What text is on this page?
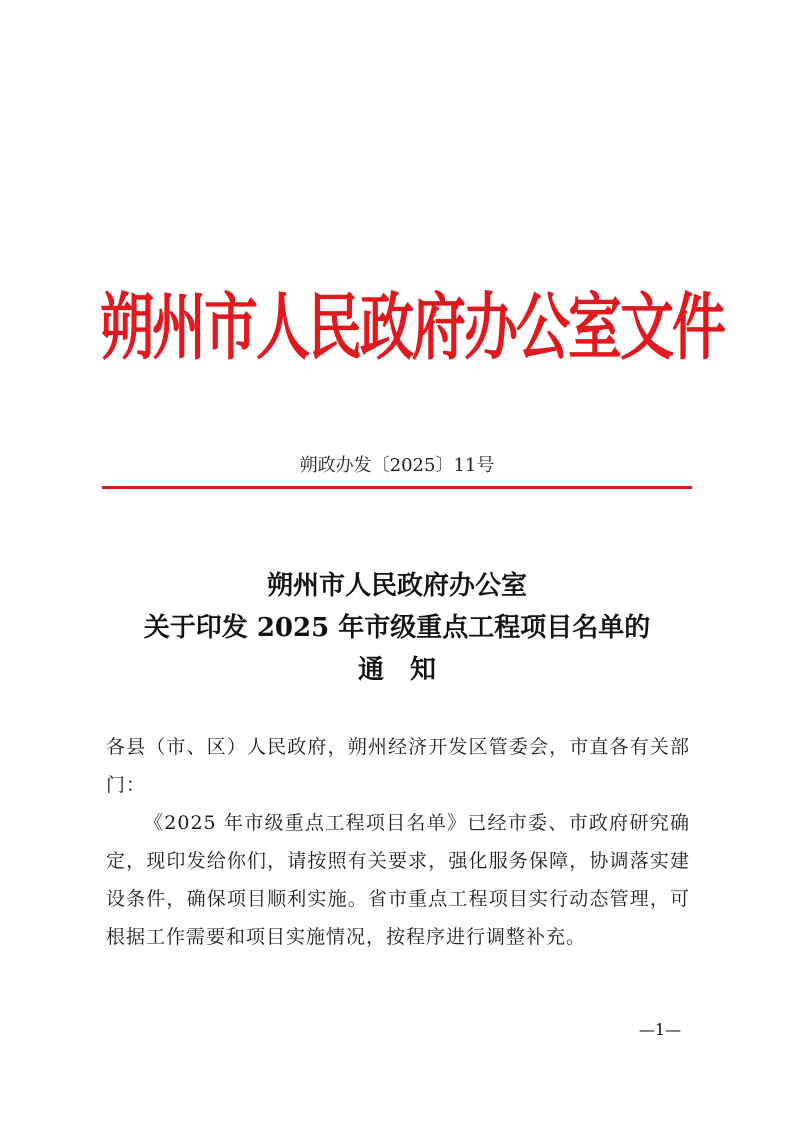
朔州市人民政府办公室文件
朔政办发〔2025〕11号
朔州市人民政府办公室
关于印发 2025 年市级重点工程项目名单的
通　知

各县（市、区）人民政府，朔州经济开发区管委会，市直各有关部门：

《2025 年市级重点工程项目名单》已经市委、市政府研究确定，现印发给你们，请按照有关要求，强化服务保障，协调落实建设条件，确保项目顺利实施。省市重点工程项目实行动态管理，可根据工作需要和项目实施情况，按程序进行调整补充。

—1—
